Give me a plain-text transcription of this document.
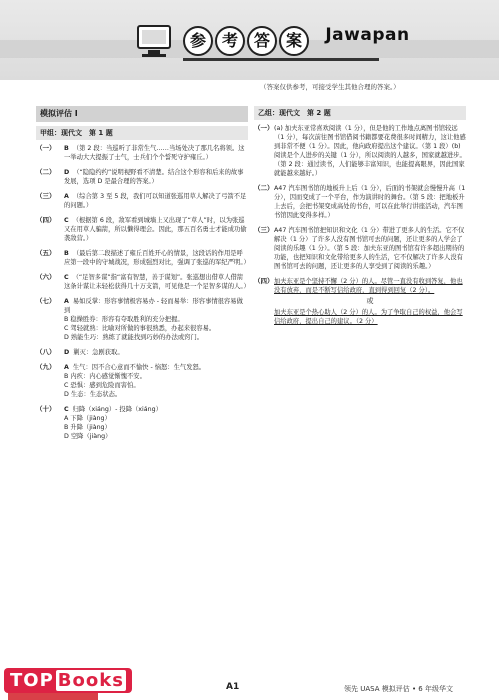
参 考 答 案 $^{Jawapan}$
（答案仅供参考，可接受学生其他合理的答案。）
模拟评估 I
甲组：现代文　第 1 题
（一）	B （第 2 段：当巡听了非常生气……当场处决了那几名将领。这一举动大大提振了士气，士兵们个个誓死守护雍丘。）
（二）	D （“隐隐约约”说明视野看不清楚。结合这个形容和后来的故事发展，选项 D 是最合理的答案。）
（三）	A （综合第 3 至 5 段，我们可以知道张巡用草人解决了弓箭不足的问题。）
（四）	C （根据第 6 段，敌军看到城墙上又出现了“草人”时，以为张巡又在用草人骗箭，所以懒得理会。因此，那五百名勇士才能成功偷袭敌营。）
（五）	B （最后第二段描述了雍丘百姓开心的情景，这段话的作用是呼应第一段中的守城战况，形成强烈对比，强调了张巡的军纪严明。）
（六）	C （“足智多谋”指“富有智慧，善于谋划”。张巡想出借草人借箭这条计谋让未轻松获得几十万支箭，可见他是一个足智多谋的人。）
（七）	A 易如反掌：形容事情极容易办 - 轻而易举：形容事情很容易做到
B 稳操胜券：形容有夺取胜利的充分把握。
C 驾轻就熟：比喻对所做的事很熟悉，办起来很容易。
D 熟能生巧：熟练了就能找到巧妙的办法或窍门。
（八）	D 剿灭：急剧获取。
（九）	A 生气：因不合心意而不愉快 - 恼怒：生气发怒。
B 内疚：内心感觉惭愧不安。
C 恐惧：感到危险而害怕。
D 生态：生态状态。
（十）	C 归降（xiáng）- 投降（xiáng）
A 下降（jiàng）
B 升降（jiàng）
D 空降（jiàng）
乙组：现代文　第 2 题
（一） (a) 加夫东亚常喜欢阅读（1 分），但是他的工作地点离图书馆较远（1 分），每次前往图书馆借阅书籍都要花费很多时间精力，这让他感到非常不便（1 分）。因此，他向政府提出这个建议。（第 1 段）(b) 阅读是个人进步的关键（1 分），所以阅读的人越多，国家就越进步。（第 2 段：通过读书，人们能够丰富知识，也能提高眼界，因此国家就能越来越好。）
（二） A47 汽车图书馆的地板升上后（1 分），后面的书架就会慢慢升高（1 分），因而变成了一个平台，作为演讲时的舞台。（第 5 段：把地板升上去后，会把书架变成高处的书台，可以在此举行讲座活动，汽车图书馆因此变得多样。）
（三） A47 汽车图书馆把知识和文化（1 分）带进了更多人的生活。它不仅解决（1 分）了许多人没有图书馆可去的问题，还让更多的人学会了阅读的乐趣（1 分）。（第 5 段：加夫东亚的图书馆有许多超出期待的功能，也把知识和文化带给更多人的生活，它不仅解决了许多人没有图书馆可去的问题，还让更多的人享受到了阅读的乐趣。）
（四） 加夫东亚是个坚持不懈（2 分）的人。尽管一直没有收到答复，他也没有放弃，而是不断写信给政府，直到得到回复（2 分）。
或
加夫东亚是个热心助人（2 分）的人。为了争取自己的权益，他会写信给政府，提出自己的建议。（2 分）
TOP Books	A1	领先 UASA 模拟评估 • 6 年级华文
